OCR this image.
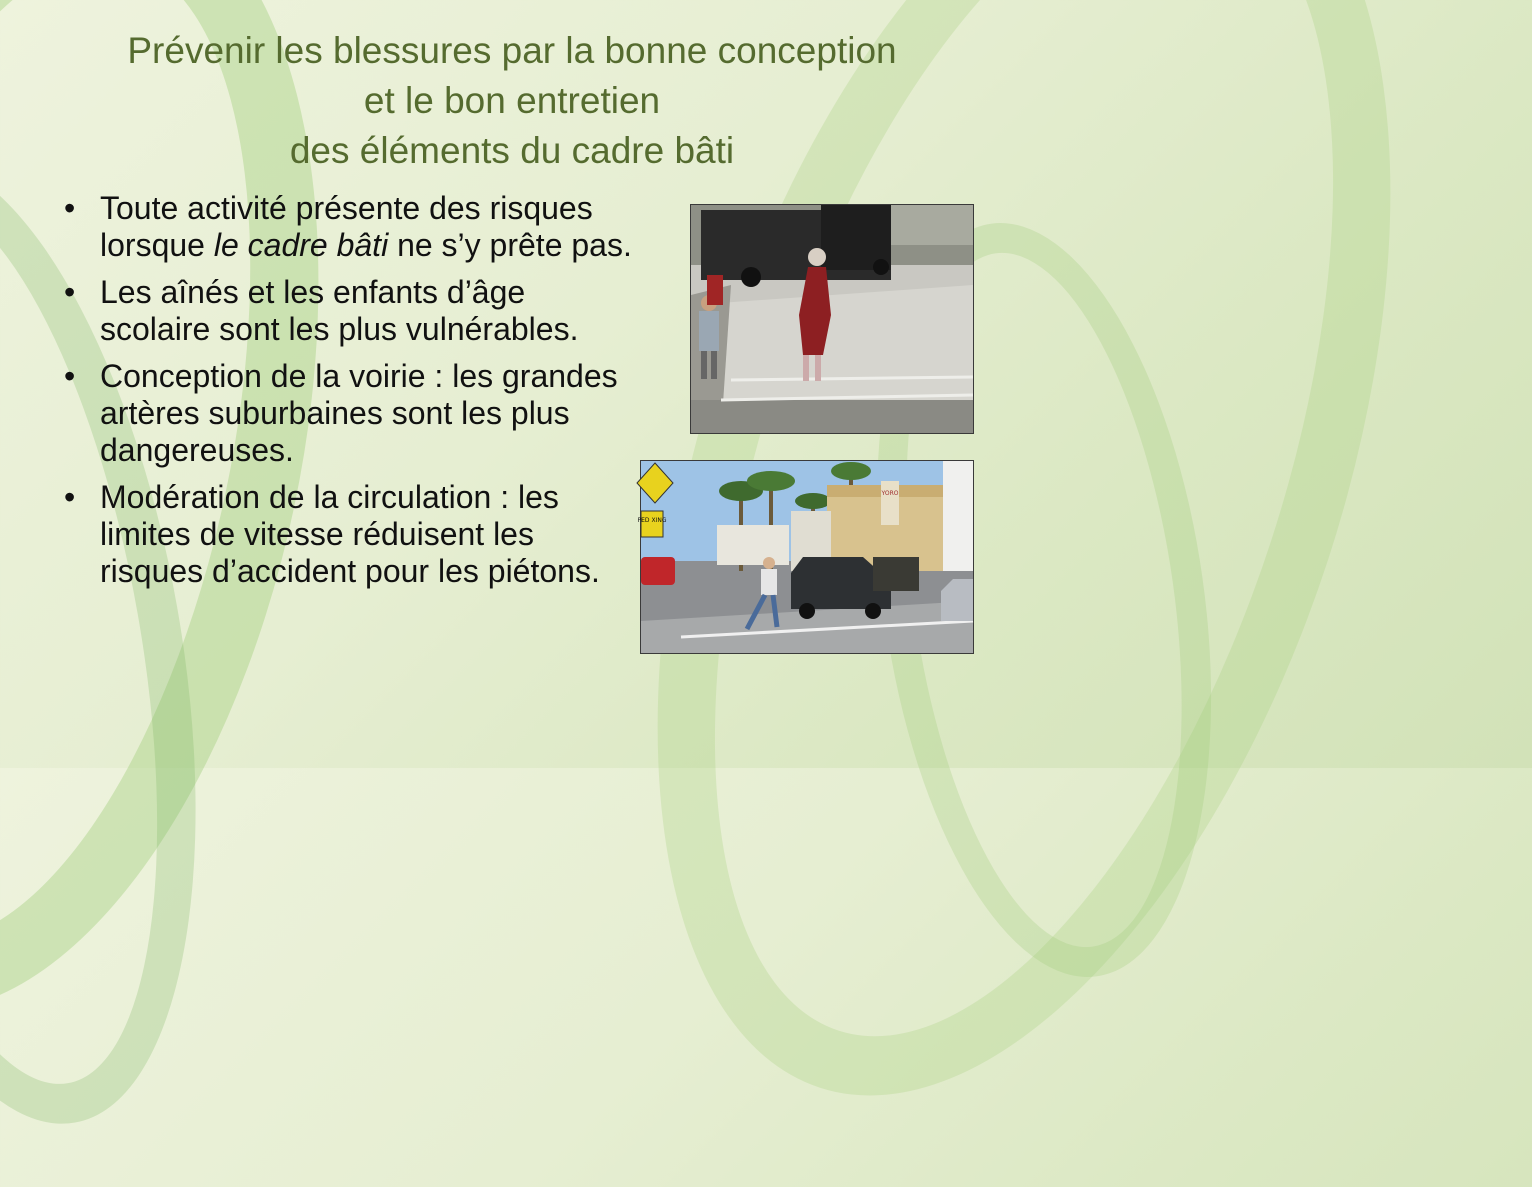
Prévenir les blessures par la bonne conception
et le bon entretien
des éléments du cadre bâti
• Toute activité présente des risques lorsque le cadre bâti ne s’y prête pas.
• Les aînés et les enfants d’âge scolaire sont les plus vulnérables.
• Conception de la voirie : les grandes artères suburbaines sont les plus dangereuses.
• Modération de la circulation : les limites de vitesse réduisent les risques d’accident pour les piétons.
YORO
PED XING
